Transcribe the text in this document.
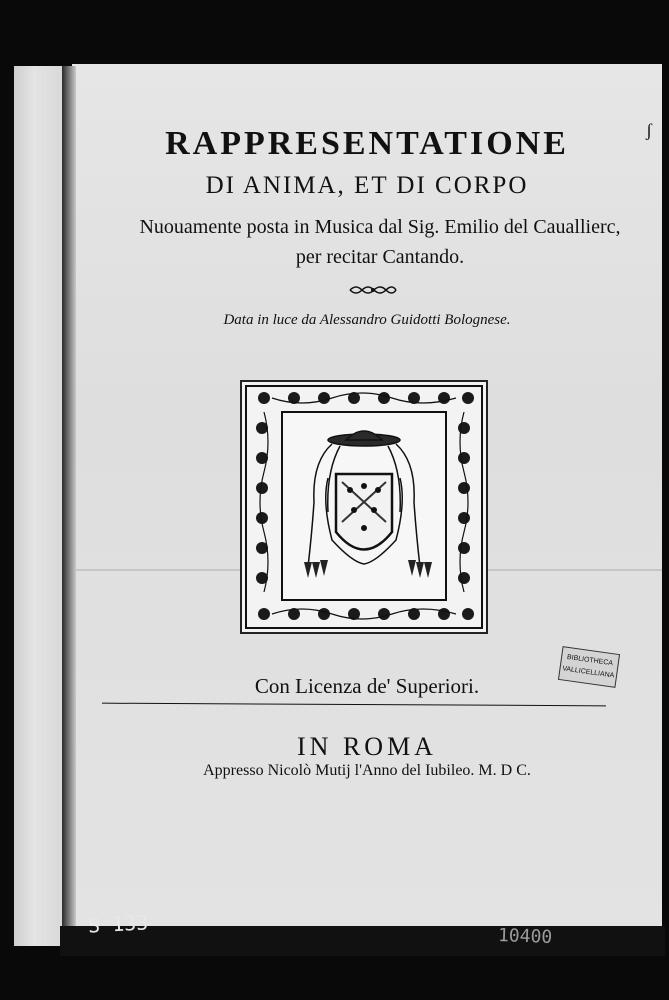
RAPPRESENTATIONE
DI ANIMA, ET DI CORPO
Nuouamente posta in Musica dal Sig. Emilio del Cauallierc,
per recitar Cantando.
Data in luce da Alessandro Guidotti Bolognese.
BIBLIOTHECA
VALLICELLIANA
Con Licenza de' Superiori.
IN ROMA
Appresso Nicolò Mutij l'Anno del Iubileo. M. D C.
ʃ
S 133	10400
